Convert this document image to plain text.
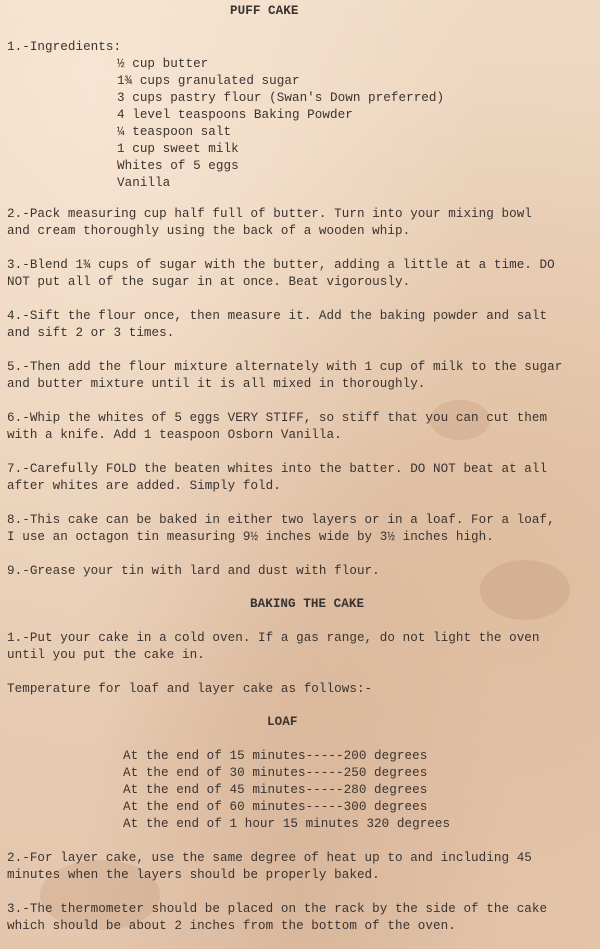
PUFF CAKE
1.-Ingredients:
½ cup butter
1¾ cups granulated sugar
3 cups pastry flour (Swan's Down preferred)
4 level teaspoons Baking Powder
¼ teaspoon salt
1 cup sweet milk
Whites of 5 eggs
Vanilla
2.-Pack measuring cup half full of butter. Turn into your mixing bowl
and cream thoroughly using the back of a wooden whip.
3.-Blend 1¾ cups of sugar with the butter, adding a little at a time. DO
NOT put all of the sugar in at once. Beat vigorously.
4.-Sift the flour once, then measure it. Add the baking powder and salt
and sift 2 or 3 times.
5.-Then add the flour mixture alternately with 1 cup of milk to the sugar
and butter mixture until it is all mixed in thoroughly.
6.-Whip the whites of 5 eggs VERY STIFF, so stiff that you can cut them
with a knife. Add 1 teaspoon Osborn Vanilla.
7.-Carefully FOLD the beaten whites into the batter. DO NOT beat at all
after whites are added. Simply fold.
8.-This cake can be baked in either two layers or in a loaf. For a loaf,
I use an octagon tin measuring 9½ inches wide by 3½ inches high.
9.-Grease your tin with lard and dust with flour.
BAKING THE CAKE
1.-Put your cake in a cold oven. If a gas range, do not light the oven
until you put the cake in.
Temperature for loaf and layer cake as follows:-
LOAF
At the end of 15 minutes-----200 degrees
At the end of 30 minutes-----250 degrees
At the end of 45 minutes-----280 degrees
At the end of 60 minutes-----300 degrees
At the end of 1 hour 15 minutes 320 degrees
2.-For layer cake, use the same degree of heat up to and including 45
minutes when the layers should be properly baked.
3.-The thermometer should be placed on the rack by the side of the cake
which should be about 2 inches from the bottom of the oven.
